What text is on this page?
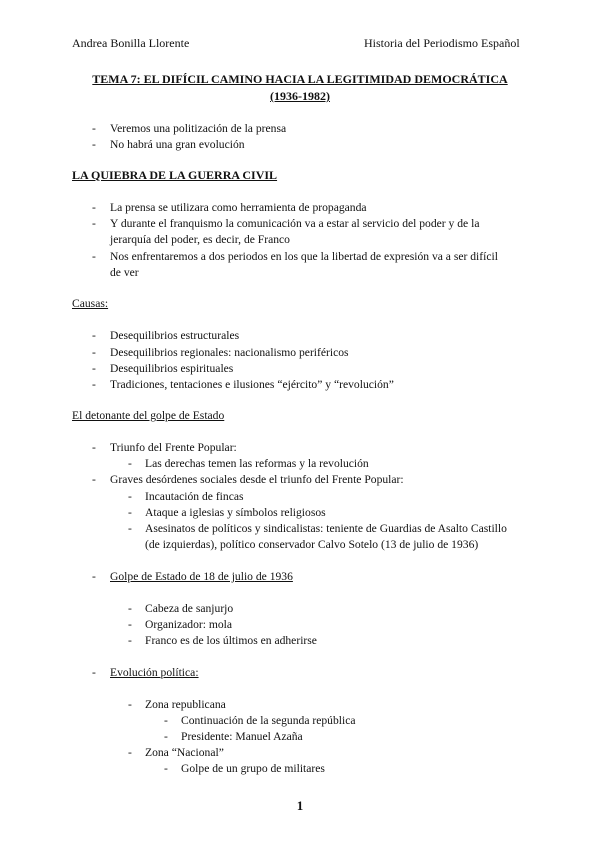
Andrea Bonilla Llorente	Historia del Periodismo Español
TEMA 7: EL DIFÍCIL CAMINO HACIA LA LEGITIMIDAD DEMOCRÁTICA
(1936-1982)
- Veremos una politización de la prensa
- No habrá una gran evolución
LA QUIEBRA DE LA GUERRA CIVIL
- La prensa se utilizara como herramienta de propaganda
- Y durante el franquismo la comunicación va a estar al servicio del poder y de la
jerarquía del poder, es decir, de Franco
- Nos enfrentaremos a dos periodos en los que la libertad de expresión va a ser difícil
de ver
Causas:
- Desequilibrios estructurales
- Desequilibrios regionales: nacionalismo periféricos
- Desequilibrios espirituales
- Tradiciones, tentaciones e ilusiones “ejército” y “revolución”
El detonante del golpe de Estado
- Triunfo del Frente Popular:
- Las derechas temen las reformas y la revolución
- Graves desórdenes sociales desde el triunfo del Frente Popular:
- Incautación de fincas
- Ataque a iglesias y símbolos religiosos
- Asesinatos de políticos y sindicalistas: teniente de Guardias de Asalto Castillo
(de izquierdas), político conservador Calvo Sotelo (13 de julio de 1936)
- Golpe de Estado de 18 de julio de 1936
- Cabeza de sanjurjo
- Organizador: mola
- Franco es de los últimos en adherirse
- Evolución política:
- Zona republicana
- Continuación de la segunda república
- Presidente: Manuel Azaña
- Zona “Nacional”
- Golpe de un grupo de militares
1
